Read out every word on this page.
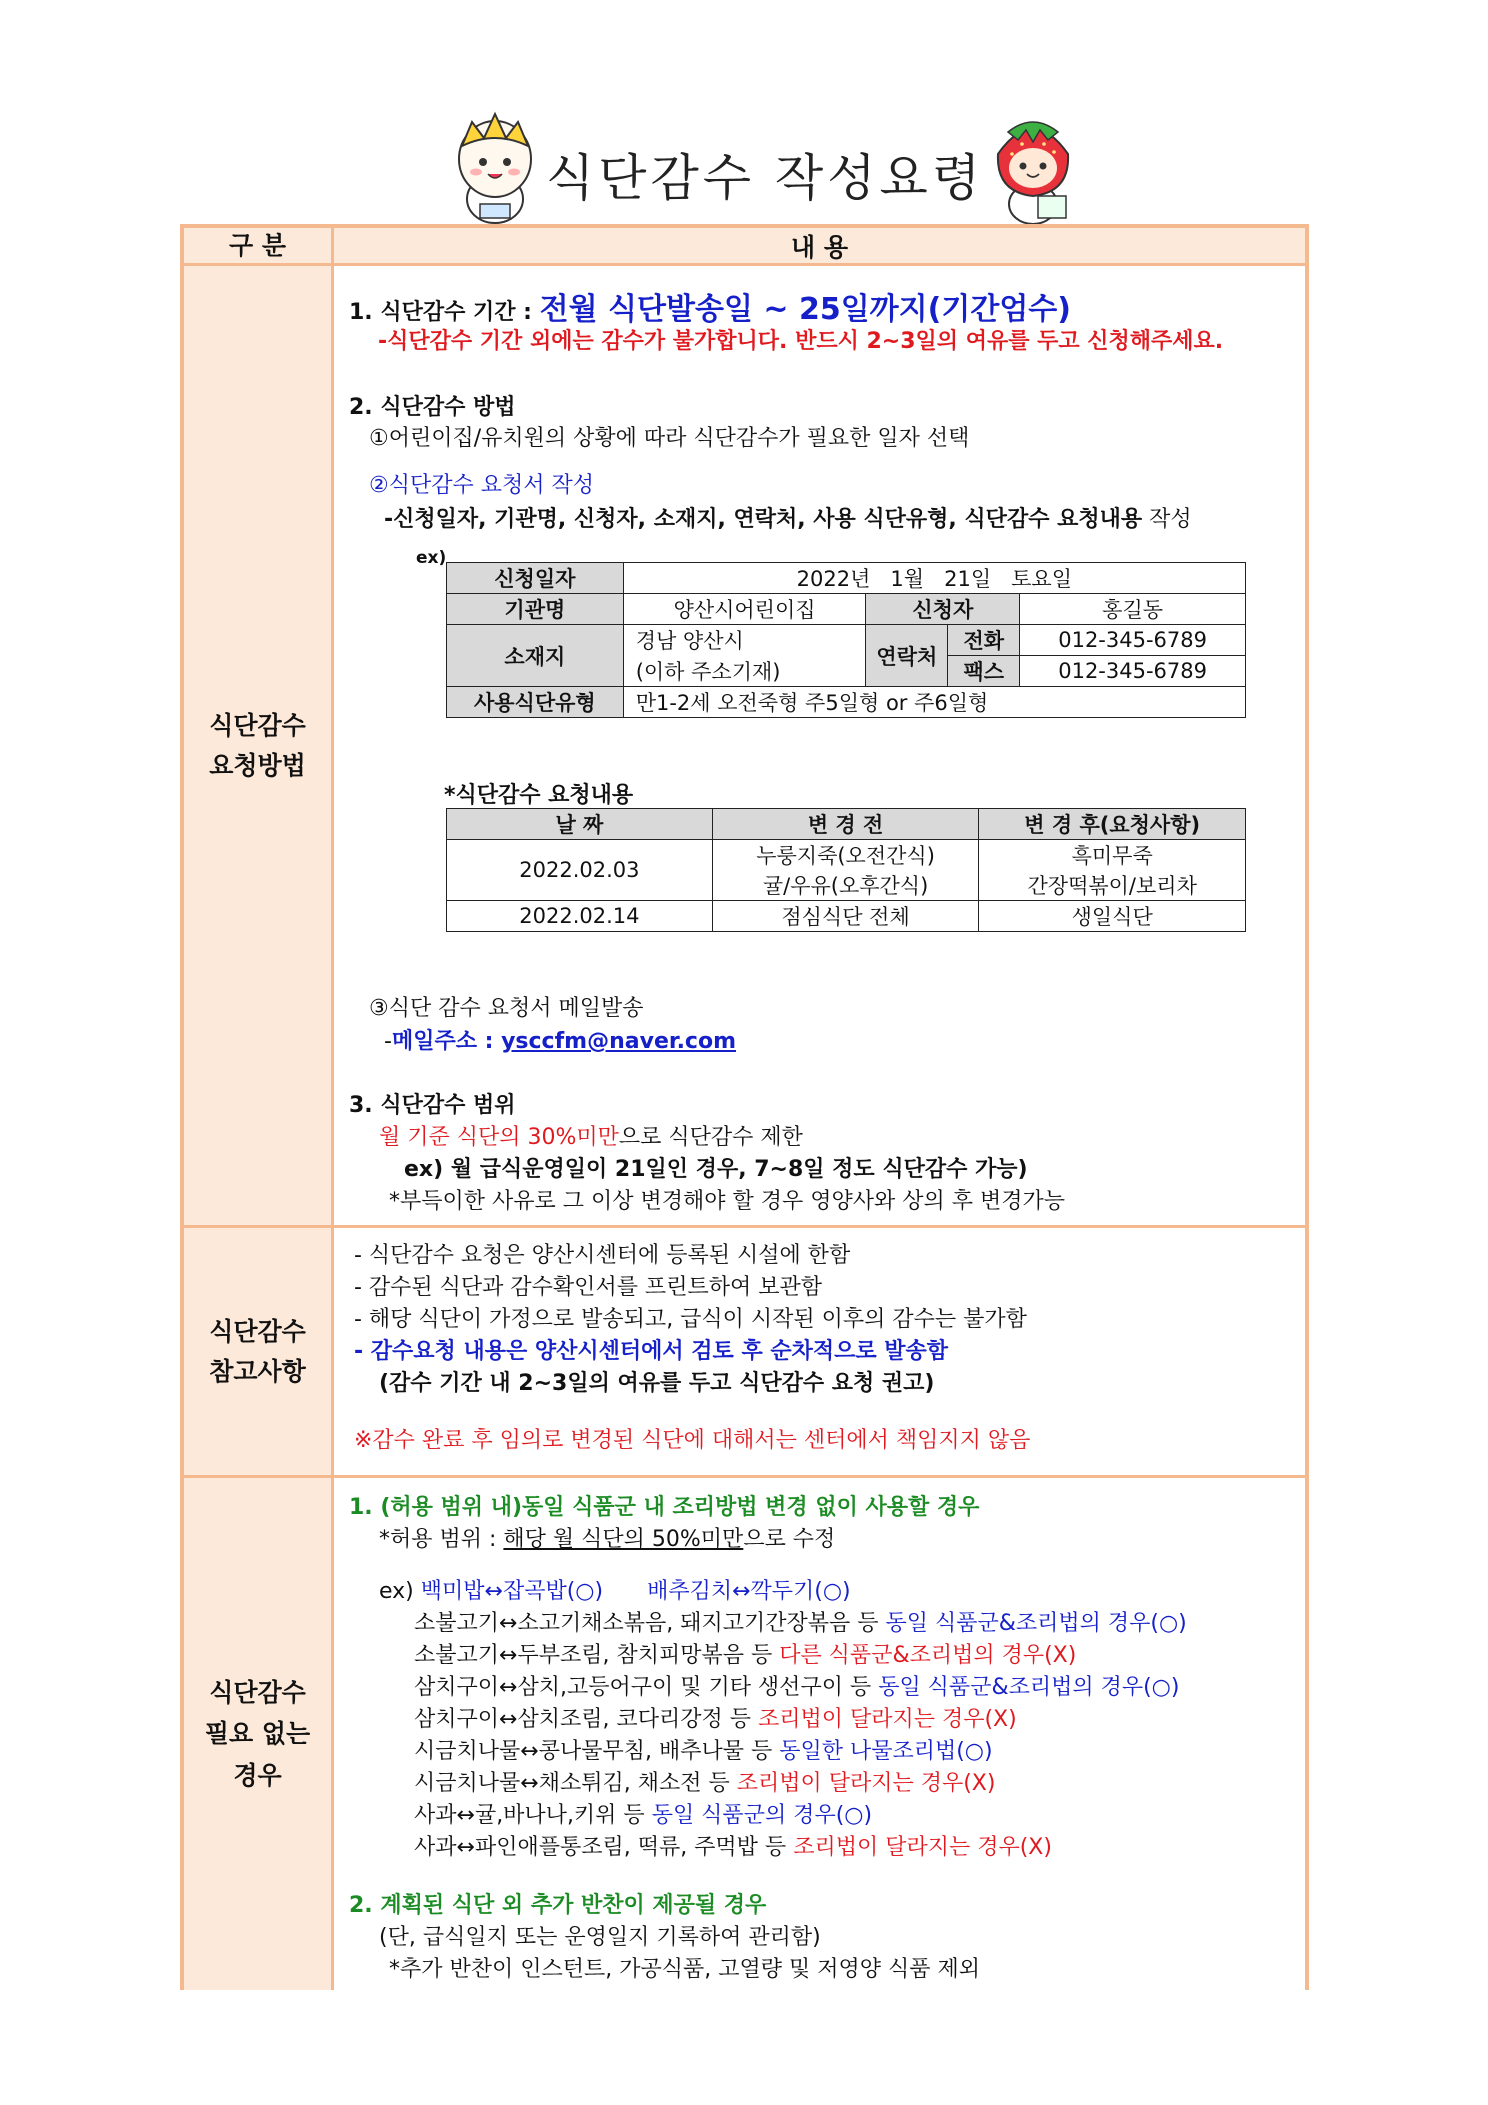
식단감수 작성요령
구 분	내 용
식단감수
요청방법
1. 식단감수 기간 : 전월 식단발송일 ~ 25일까지(기간엄수)
-식단감수 기간 외에는 감수가 불가합니다. 반드시 2~3일의 여유를 두고 신청해주세요.
2. 식단감수 방법
①어린이집/유치원의 상황에 따라 식단감수가 필요한 일자 선택
②식단감수 요청서 작성
-신청일자, 기관명, 신청자, 소재지, 연락처, 사용 식단유형, 식단감수 요청내용 작성
ex)
신청일자	2022년   1월   21일   토요일			
기관명	양산시어린이집	신청자		홍길동
소재지	경남 양산시	연락처	전화	012-345-6789
	(이하 주소기재)		팩스	012-345-6789
사용식단유형	만1-2세 오전죽형 주5일형 or 주6일형			
*식단감수 요청내용
날 짜	변 경 전	변 경 후(요청사항)
2022.02.03	누룽지죽(오전간식)	흑미무죽
	귤/우유(오후간식)	간장떡볶이/보리차
2022.02.14	점심식단 전체	생일식단
③식단 감수 요청서 메일발송
-메일주소 : ysccfm@naver.com
3. 식단감수 범위
월 기준 식단의 30%미만으로 식단감수 제한
ex) 월 급식운영일이 21일인 경우, 7~8일 정도 식단감수 가능)
*부득이한 사유로 그 이상 변경해야 할 경우 영양사와 상의 후 변경가능
식단감수
참고사항
- 식단감수 요청은 양산시센터에 등록된 시설에 한함
- 감수된 식단과 감수확인서를 프린트하여 보관함
- 해당 식단이 가정으로 발송되고, 급식이 시작된 이후의 감수는 불가함
- 감수요청 내용은 양산시센터에서 검토 후 순차적으로 발송함
(감수 기간 내 2~3일의 여유를 두고 식단감수 요청 권고)
※감수 완료 후 임의로 변경된 식단에 대해서는 센터에서 책임지지 않음
식단감수
필요 없는
경우
1. (허용 범위 내)동일 식품군 내 조리방법 변경 없이 사용할 경우
*허용 범위 : 해당 월 식단의 50%미만으로 수정
ex) 백미밥↔잡곡밥(○) 배추김치↔깍두기(○)
소불고기↔소고기채소볶음, 돼지고기간장볶음 등 동일 식품군&조리법의 경우(○)
소불고기↔두부조림, 참치피망볶음 등 다른 식품군&조리법의 경우(X)
삼치구이↔삼치,고등어구이 및 기타 생선구이 등 동일 식품군&조리법의 경우(○)
삼치구이↔삼치조림, 코다리강정 등 조리법이 달라지는 경우(X)
시금치나물↔콩나물무침, 배추나물 등 동일한 나물조리법(○)
시금치나물↔채소튀김, 채소전 등 조리법이 달라지는 경우(X)
사과↔귤,바나나,키위 등 동일 식품군의 경우(○)
사과↔파인애플통조림, 떡류, 주먹밥 등 조리법이 달라지는 경우(X)
2. 계획된 식단 외 추가 반찬이 제공될 경우
(단, 급식일지 또는 운영일지 기록하여 관리함)
*추가 반찬이 인스턴트, 가공식품, 고열량 및 저영양 식품 제외
